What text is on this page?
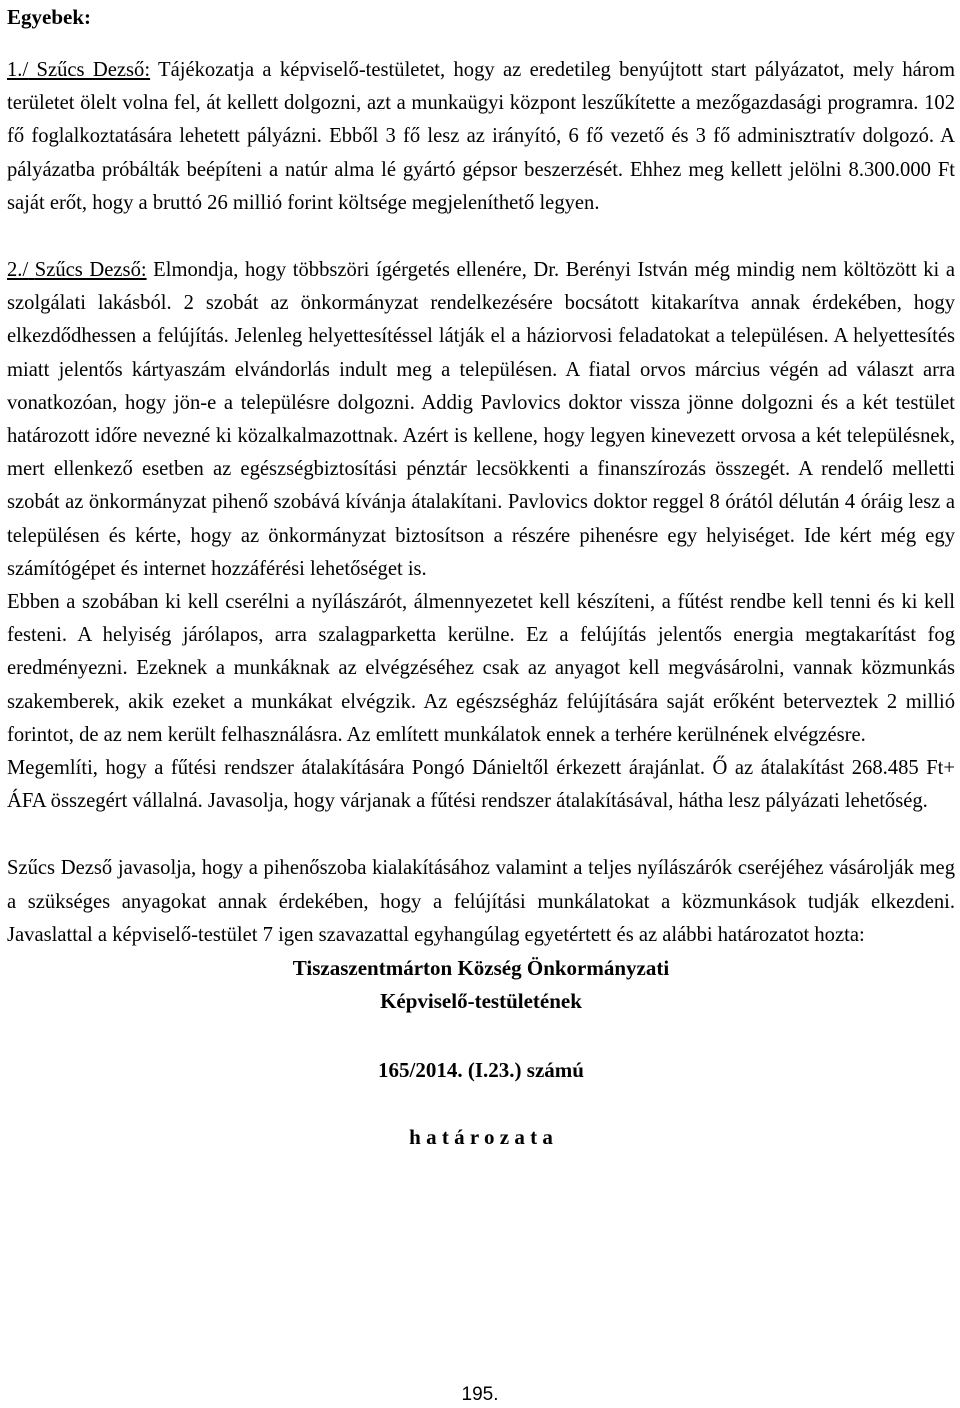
Egyebek:

1./ Szűcs Dezső: Tájékozatja a képviselő-testületet, hogy az eredetileg benyújtott start pályázatot, mely három területet ölelt volna fel, át kellett dolgozni, azt a munkaügyi központ leszűkítette a mezőgazdasági programra. 102 fő foglalkoztatására lehetett pályázni. Ebből 3 fő lesz az irányító, 6 fő vezető és 3 fő adminisztratív dolgozó. A pályázatba próbálták beépíteni a natúr alma lé gyártó gépsor beszerzését. Ehhez meg kellett jelölni 8.300.000 Ft saját erőt, hogy a bruttó 26 millió forint költsége megjeleníthető legyen.

2./ Szűcs Dezső: Elmondja, hogy többszöri ígérgetés ellenére, Dr. Berényi István még mindig nem költözött ki a szolgálati lakásból. 2 szobát az önkormányzat rendelkezésére bocsátott kitakarítva annak érdekében, hogy elkezdődhessen a felújítás. Jelenleg helyettesítéssel látják el a háziorvosi feladatokat a településen. A helyettesítés miatt jelentős kártyaszám elvándorlás indult meg a településen. A fiatal orvos március végén ad választ arra vonatkozóan, hogy jön-e a településre dolgozni. Addig Pavlovics doktor vissza jönne dolgozni és a két testület határozott időre nevezné ki közalkalmazottnak. Azért is kellene, hogy legyen kinevezett orvosa a két településnek, mert ellenkező esetben az egészségbiztosítási pénztár lecsökkenti a finanszírozás összegét. A rendelő melletti szobát az önkormányzat pihenő szobává kívánja átalakítani. Pavlovics doktor reggel 8 órától délután 4 óráig lesz a településen és kérte, hogy az önkormányzat biztosítson a részére pihenésre egy helyiséget. Ide kért még egy számítógépet és internet hozzáférési lehetőséget is.

Ebben a szobában ki kell cserélni a nyílászárót, álmennyezetet kell készíteni, a fűtést rendbe kell tenni és ki kell festeni. A helyiség járólapos, arra szalagparketta kerülne. Ez a felújítás jelentős energia megtakarítást fog eredményezni. Ezeknek a munkáknak az elvégzéséhez csak az anyagot kell megvásárolni, vannak közmunkás szakemberek, akik ezeket a munkákat elvégzik. Az egészségház felújítására saját erőként beterveztek 2 millió forintot, de az nem került felhasználásra. Az említett munkálatok ennek a terhére kerülnének elvégzésre.

Megemlíti, hogy a fűtési rendszer átalakítására Pongó Dánieltől érkezett árajánlat. Ő az átalakítást 268.485 Ft+ ÁFA összegért vállalná. Javasolja, hogy várjanak a fűtési rendszer átalakításával, hátha lesz pályázati lehetőség.

Szűcs Dezső javasolja, hogy a pihenőszoba kialakításához valamint a teljes nyílászárók cseréjéhez vásárolják meg a szükséges anyagokat annak érdekében, hogy a felújítási munkálatokat a közmunkások tudják elkezdeni. Javaslattal a képviselő-testület 7 igen szavazattal egyhangúlag egyetértett és az alábbi határozatot hozta:

Tiszaszentmárton Község Önkormányzati

Képviselő-testületének

165/2014. (I.23.) számú

h a t á r o z a t a

195.
